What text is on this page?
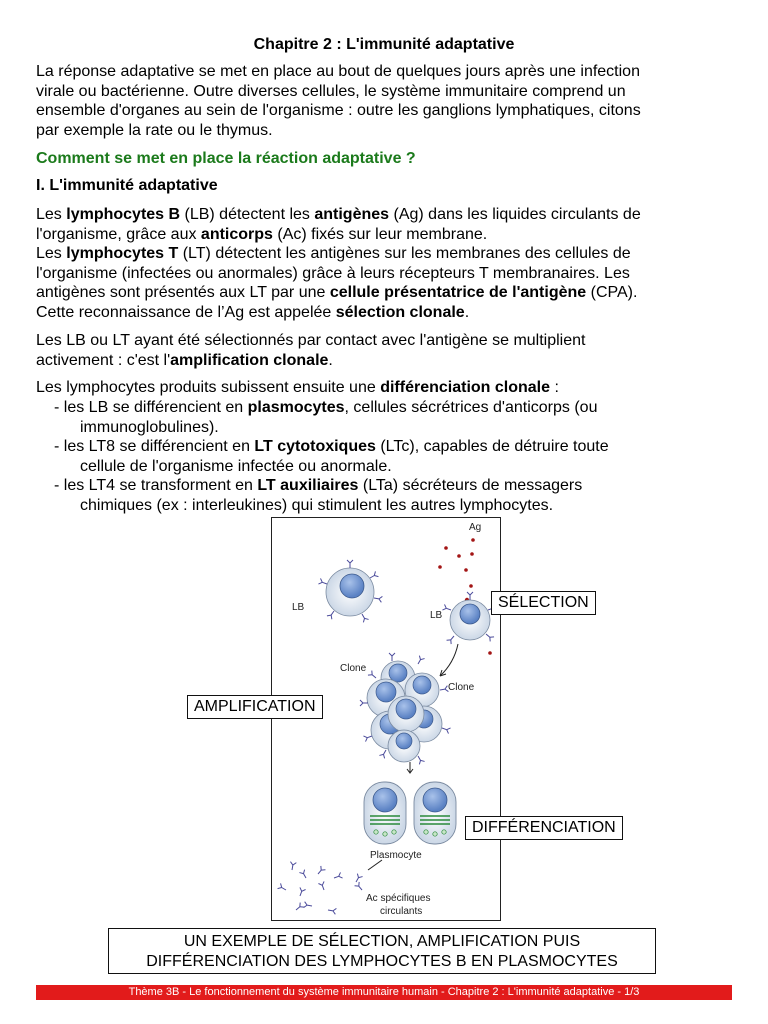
Chapitre 2 : L'immunité adaptative
La réponse adaptative se met en place au bout de quelques jours après une infection
virale ou bactérienne. Outre diverses cellules, le système immunitaire comprend un
ensemble d'organes au sein de l'organisme : outre les ganglions lymphatiques, citons
par exemple la rate ou le thymus.
Comment se met en place la réaction adaptative ?
I. L'immunité adaptative
Les lymphocytes B (LB) détectent les antigènes (Ag) dans les liquides circulants de
l'organisme, grâce aux anticorps (Ac) fixés sur leur membrane.
Les lymphocytes T (LT) détectent les antigènes sur les membranes des cellules de
l'organisme (infectées ou anormales) grâce à leurs récepteurs T membranaires. Les
antigènes sont présentés aux LT par une cellule présentatrice de l'antigène (CPA).
Cette reconnaissance de l’Ag est appelée sélection clonale.
Les LB ou LT ayant été sélectionnés par contact avec l'antigène se multiplient
activement : c'est l'amplification clonale.
Les lymphocytes produits subissent ensuite une différenciation clonale :
- les LB se différencient en plasmocytes, cellules sécrétrices d'anticorps (ou
immunoglobulines).
- les LT8 se différencient en LT cytotoxiques (LTc), capables de détruire toute
cellule de l'organisme infectée ou anormale.
- les LT4 se transforment en LT auxiliaires (LTa) sécréteurs de messagers
chimiques (ex : interleukines) qui stimulent les autres lymphocytes.
Ag
LB
LB
Clone
Clone
Plasmocyte
Ac spécifiques
circulants
SÉLECTION
AMPLIFICATION
DIFFÉRENCIATION
UN EXEMPLE DE SÉLECTION, AMPLIFICATION PUIS
DIFFÉRENCIATION DES LYMPHOCYTES B EN PLASMOCYTES
Thème 3B - Le fonctionnement du système immunitaire humain - Chapitre 2 : L'immunité adaptative - 1/3
